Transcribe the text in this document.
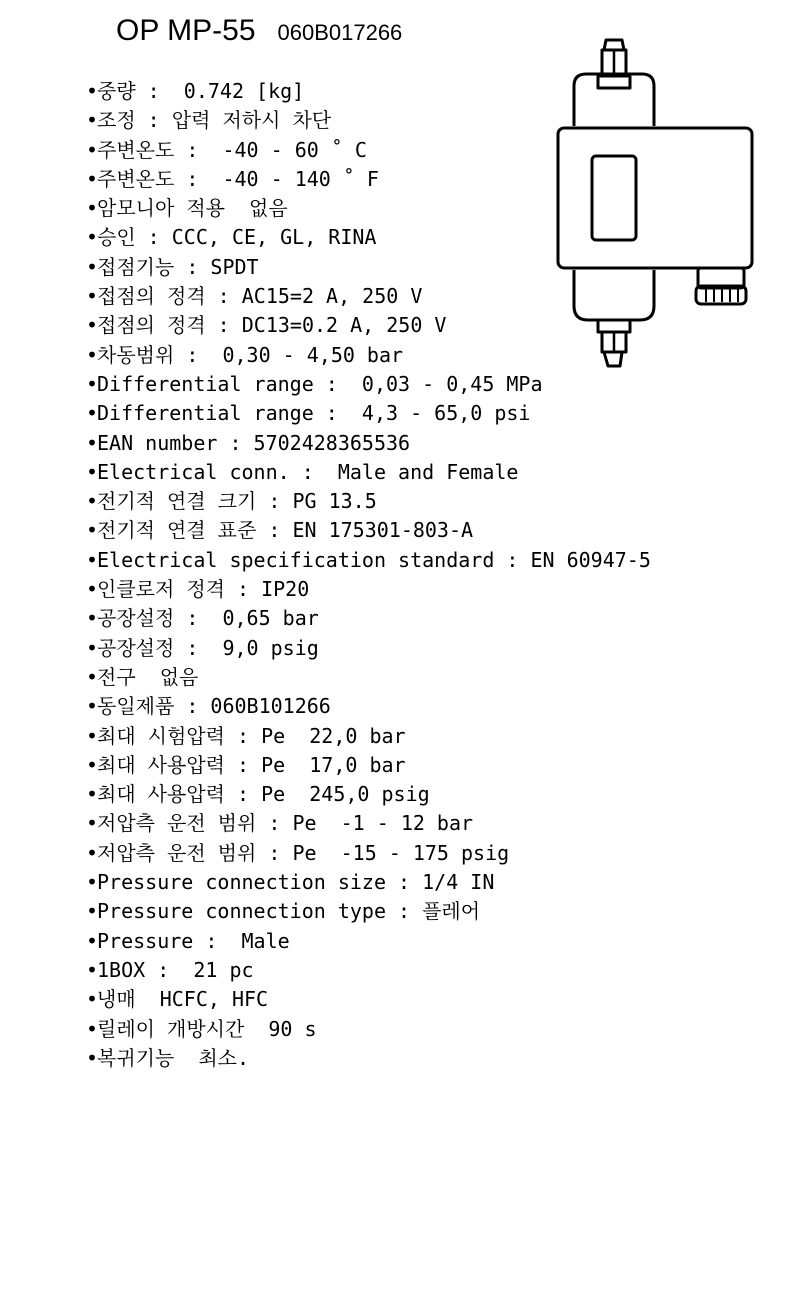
OP MP-55 060B017266
•중량 :  0.742 [kg]
•조정 : 압력 저하시 차단
•주변온도 :  -40 - 60 ˚ C
•주변온도 :  -40 - 140 ˚ F
•암모니아 적용  없음
•승인 : CCC, CE, GL, RINA
•접점기능 : SPDT
•접점의 정격 : AC15=2 A, 250 V
•접점의 정격 : DC13=0.2 A, 250 V
•차동범위 :  0,30 - 4,50 bar
•Differential range :  0,03 - 0,45 MPa
•Differential range :  4,3 - 65,0 psi
•EAN number : 5702428365536
•Electrical conn. :  Male and Female
•전기적 연결 크기 : PG 13.5
•전기적 연결 표준 : EN 175301-803-A
•Electrical specification standard : EN 60947-5
•인클로저 정격 : IP20
•공장설정 :  0,65 bar
•공장설정 :  9,0 psig
•전구  없음
•동일제품 : 060B101266
•최대 시험압력 : Pe  22,0 bar
•최대 사용압력 : Pe  17,0 bar
•최대 사용압력 : Pe  245,0 psig
•저압측 운전 범위 : Pe  -1 - 12 bar
•저압측 운전 범위 : Pe  -15 - 175 psig
•Pressure connection size : 1/4 IN
•Pressure connection type : 플레어
•Pressure :  Male
•1BOX :  21 pc
•냉매  HCFC, HFC
•릴레이 개방시간  90 s
•복귀기능  최소.
